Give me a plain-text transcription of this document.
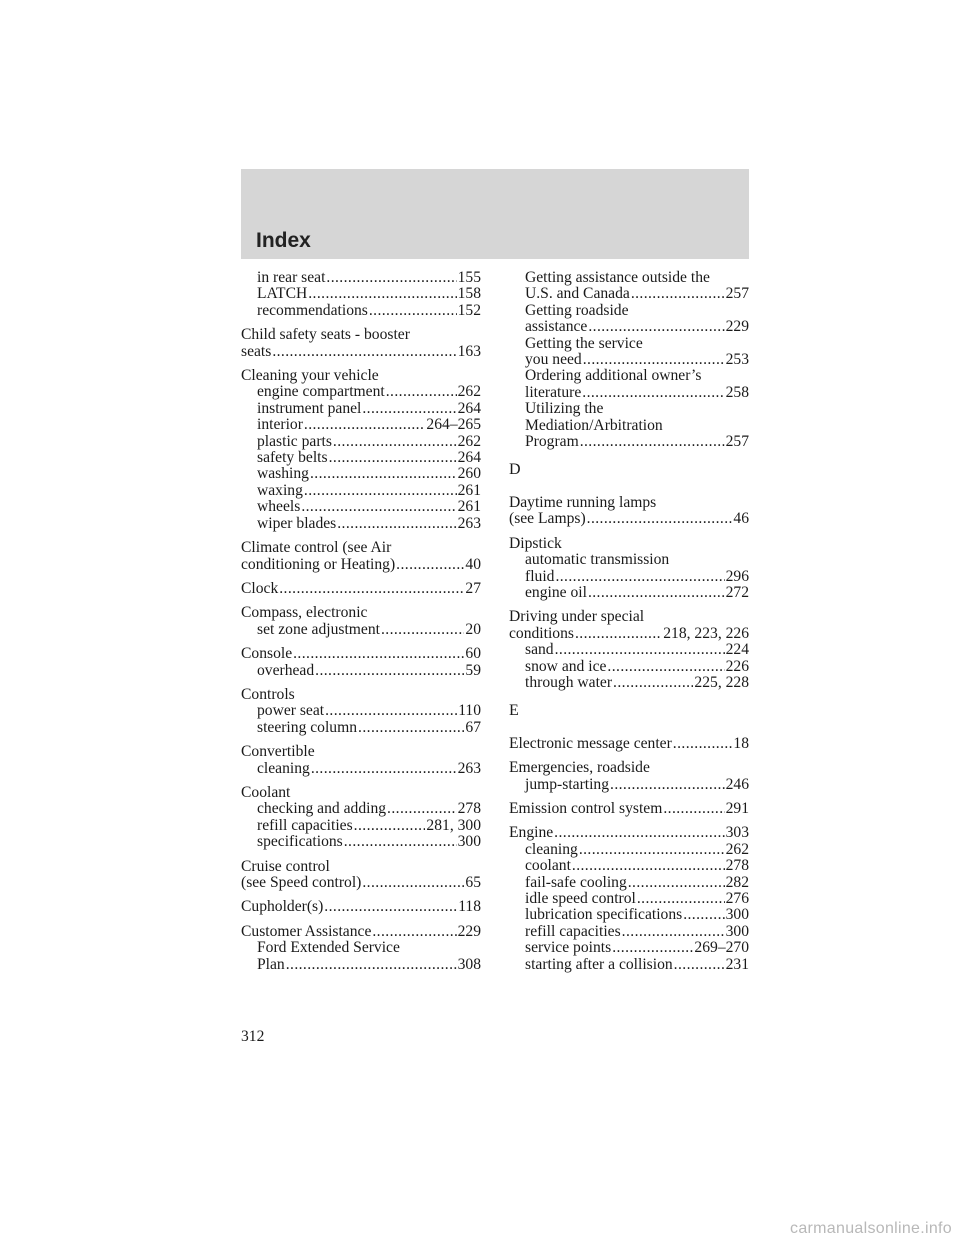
Index
in rear seat .....	155
LATCH .....	158
recommendations .....	152
Child safety seats - booster
seats .....	163
Cleaning your vehicle
engine compartment .....	262
instrument panel .....	264
interior .....	264–265
plastic parts .....	262
safety belts .....	264
washing .....	260
waxing .....	261
wheels .....	261
wiper blades .....	263
Climate control (see Air
conditioning or Heating) .....	40
Clock .....	27
Compass, electronic
set zone adjustment .....	20
Console .....	60
overhead .....	59
Controls
power seat .....	110
steering column .....	67
Convertible
cleaning .....	263
Coolant
checking and adding .....	278
refill capacities .....	281, 300
specifications .....	300
Cruise control
(see Speed control) .....	65
Cupholder(s) .....	118
Customer Assistance .....	229
Ford Extended Service
Plan .....	308
Getting assistance outside the
U.S. and Canada .....	257
Getting roadside
assistance .....	229
Getting the service
you need .....	253
Ordering additional owner’s
literature .....	258
Utilizing the
Mediation/Arbitration
Program .....	257
D
Daytime running lamps
(see Lamps) .....	46
Dipstick
automatic transmission
fluid .....	296
engine oil .....	272
Driving under special
conditions .....	218, 223, 226
sand .....	224
snow and ice .....	226
through water .....	225, 228
E
Electronic message center .....	18
Emergencies, roadside
jump-starting .....	246
Emission control system .....	291
Engine .....	303
cleaning .....	262
coolant .....	278
fail-safe cooling .....	282
idle speed control .....	276
lubrication specifications .....	300
refill capacities .....	300
service points .....	269–270
starting after a collision .....	231
312
carmanualsonline.info
